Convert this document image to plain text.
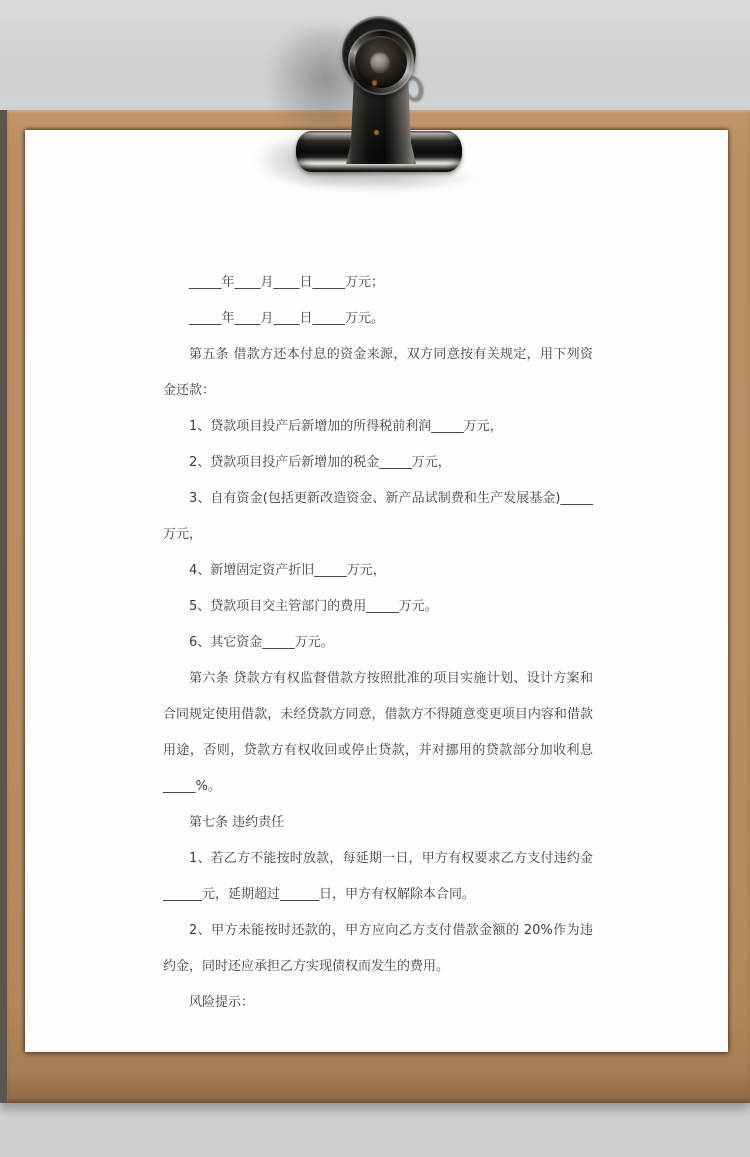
_____年____月____日_____万元；

_____年____月____日_____万元。

第五条 借款方还本付息的资金来源，双方同意按有关规定，用下列资金还款：

1、贷款项目投产后新增加的所得税前利润_____万元，

2、贷款项目投产后新增加的税金_____万元，

3、自有资金(包括更新改造资金、新产品试制费和生产发展基金)_____万元，

4、新增固定资产折旧_____万元，

5、贷款项目交主管部门的费用_____万元。

6、其它资金_____万元。

第六条 贷款方有权监督借款方按照批准的项目实施计划、设计方案和合同规定使用借款，未经贷款方同意，借款方不得随意变更项目内容和借款用途，否则，贷款方有权收回或停止贷款，并对挪用的贷款部分加收利息_____%。

第七条 违约责任

1、若乙方不能按时放款，每延期一日，甲方有权要求乙方支付违约金______元，延期超过______日，甲方有权解除本合同。

2、甲方未能按时还款的，甲方应向乙方支付借款金额的 20%作为违约金，同时还应承担乙方实现债权而发生的费用。

风险提示：
